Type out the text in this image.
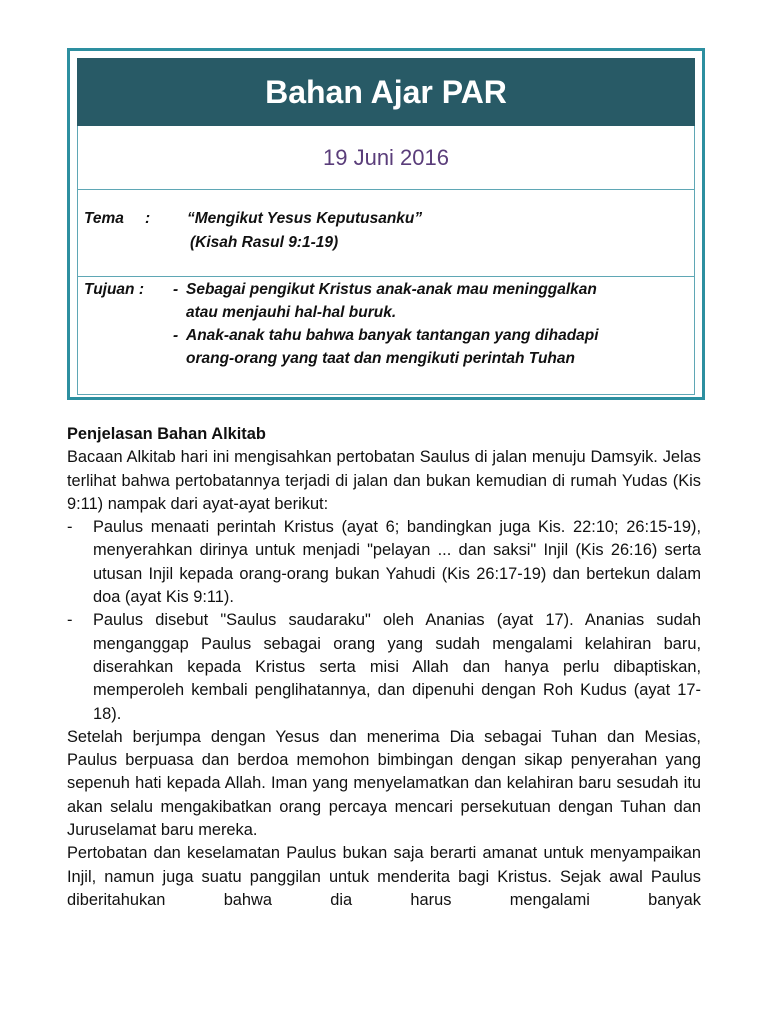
Bahan Ajar PAR
19 Juni 2016
Tema : “Mengikut Yesus Keputusanku”
(Kisah Rasul 9:1-19)
Tujuan : - Sebagai pengikut Kristus anak-anak mau meninggalkan
atau menjauhi hal-hal buruk.
- Anak-anak tahu bahwa banyak tantangan yang dihadapi
orang-orang yang taat dan mengikuti perintah Tuhan

Penjelasan Bahan Alkitab

Bacaan Alkitab hari ini mengisahkan pertobatan Saulus di jalan menuju Damsyik. Jelas terlihat bahwa pertobatannya terjadi di jalan dan bukan kemudian di rumah Yudas (Kis 9:11) nampak dari ayat-ayat berikut:

- Paulus menaati perintah Kristus (ayat 6; bandingkan juga Kis. 22:10; 26:15-19), menyerahkan dirinya untuk menjadi "pelayan ... dan saksi" Injil (Kis 26:16) serta utusan Injil kepada orang-orang bukan Yahudi (Kis 26:17-19) dan bertekun dalam doa (ayat Kis 9:11).
- Paulus disebut "Saulus saudaraku" oleh Ananias (ayat 17). Ananias sudah menganggap Paulus sebagai orang yang sudah mengalami kelahiran baru, diserahkan kepada Kristus serta misi Allah dan hanya perlu dibaptiskan, memperoleh kembali penglihatannya, dan dipenuhi dengan Roh Kudus (ayat 17-18).

Setelah berjumpa dengan Yesus dan menerima Dia sebagai Tuhan dan Mesias, Paulus berpuasa dan berdoa memohon bimbingan dengan sikap penyerahan yang sepenuh hati kepada Allah. Iman yang menyelamatkan dan kelahiran baru sesudah itu akan selalu mengakibatkan orang percaya mencari persekutuan dengan Tuhan dan Juruselamat baru mereka.

Pertobatan dan keselamatan Paulus bukan saja berarti amanat untuk menyampaikan Injil, namun juga suatu panggilan untuk menderita bagi Kristus. Sejak awal Paulus diberitahukan bahwa dia harus mengalami banyak
